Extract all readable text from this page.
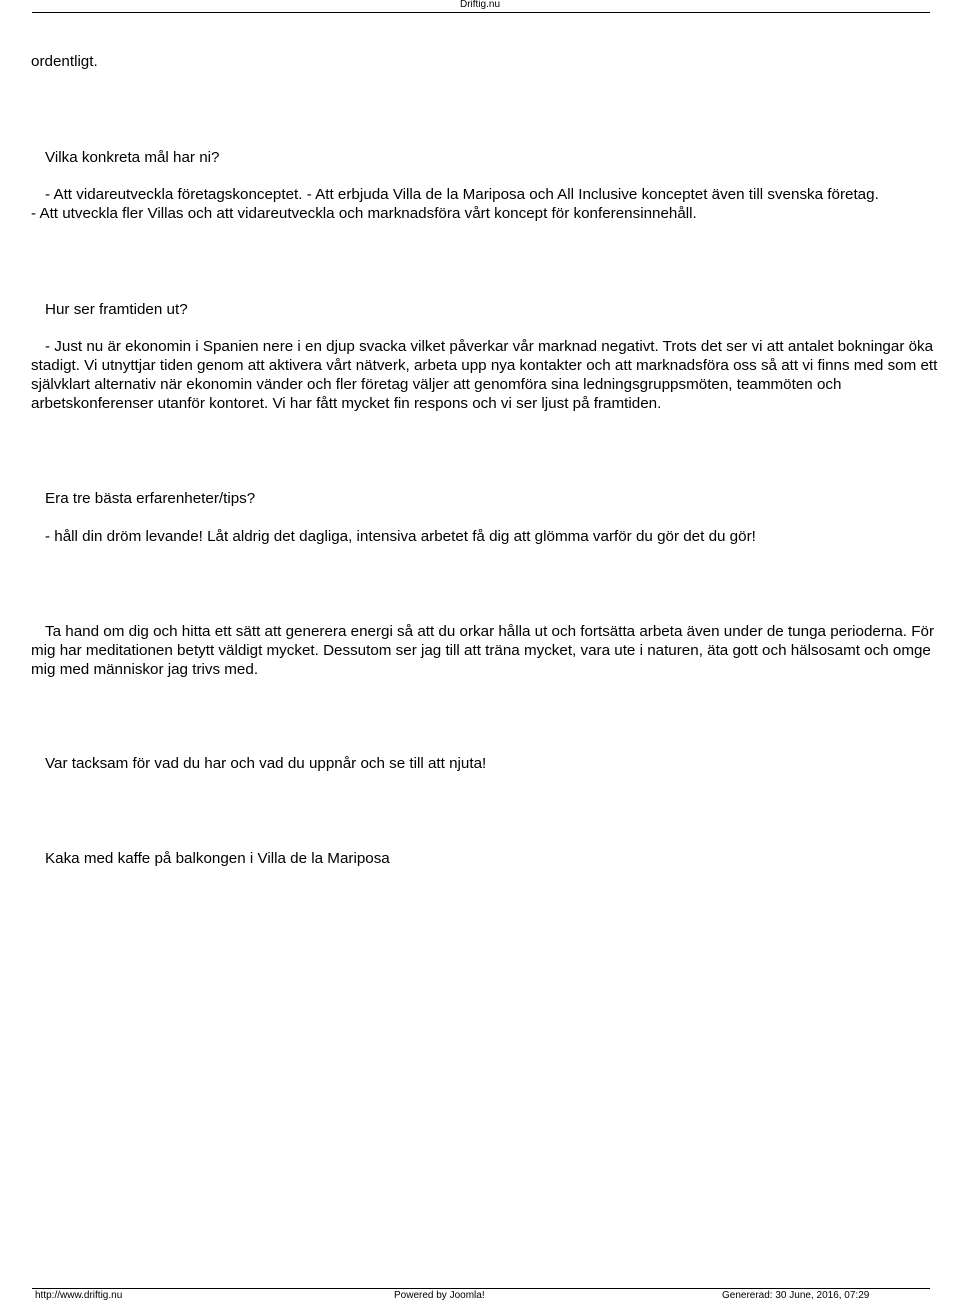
Driftig.nu
ordentligt.
Vilka konkreta mål har ni?
- Att vidareutveckla företagskonceptet. - Att erbjuda Villa de la Mariposa och All Inclusive konceptet även till svenska företag.
- Att utveckla fler Villas och att vidareutveckla och marknadsföra vårt koncept för konferensinnehåll.
Hur ser framtiden ut?
- Just nu är ekonomin i Spanien nere i en djup svacka vilket påverkar vår marknad negativt. Trots det ser vi att antalet bokningar öka stadigt. Vi utnyttjar tiden genom att aktivera vårt nätverk, arbeta upp nya kontakter och att marknadsföra oss så att vi finns med som ett självklart alternativ när ekonomin vänder och fler företag väljer att genomföra sina ledningsgruppsmöten, teammöten och arbetskonferenser utanför kontoret. Vi har fått mycket fin respons och vi ser ljust på framtiden.
Era tre bästa erfarenheter/tips?
- håll din dröm levande! Låt aldrig det dagliga, intensiva arbetet få dig att glömma varför du gör det du gör!
Ta hand om dig och hitta ett sätt att generera energi så att du orkar hålla ut och fortsätta arbeta även under de tunga perioderna. För mig har meditationen betytt väldigt mycket. Dessutom ser jag till att träna mycket, vara ute i naturen, äta gott och hälsosamt och omge mig med människor jag trivs med.
Var tacksam för vad du har och vad du uppnår och se till att njuta!
Kaka med kaffe på balkongen i Villa de la Mariposa
http://www.driftig.nu	Powered by Joomla!	Genererad: 30 June, 2016, 07:29
